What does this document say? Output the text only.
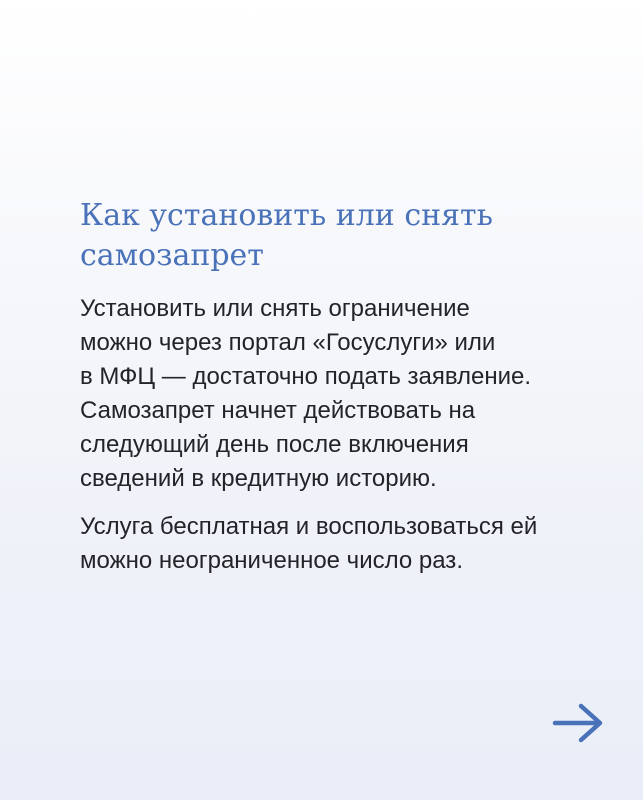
Как установить или снять
самозапрет

Установить или снять ограничение
можно через портал «Госуслуги» или
в МФЦ — достаточно подать заявление.
Самозапрет начнет действовать на
следующий день после включения
сведений в кредитную историю.

Услуга бесплатная и воспользоваться ей
можно неограниченное число раз.
